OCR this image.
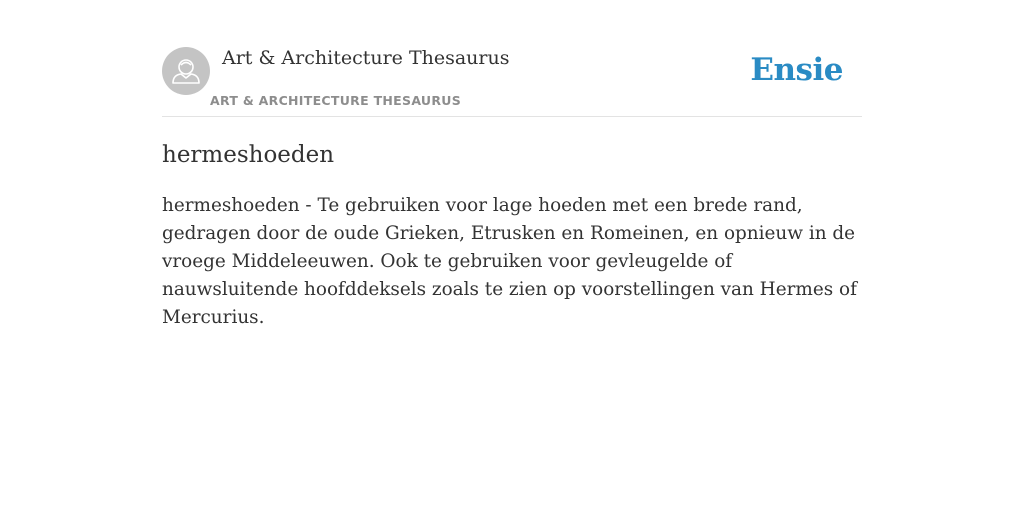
Art & Architecture Thesaurus
ART & ARCHITECTURE THESAURUS
Ensie
hermeshoeden

hermeshoeden - Te gebruiken voor lage hoeden met een brede rand, gedragen door de oude Grieken, Etrusken en Romeinen, en opnieuw in de vroege Middeleeuwen. Ook te gebruiken voor gevleugelde of nauwsluitende hoofddeksels zoals te zien op voorstellingen van Hermes of Mercurius.
